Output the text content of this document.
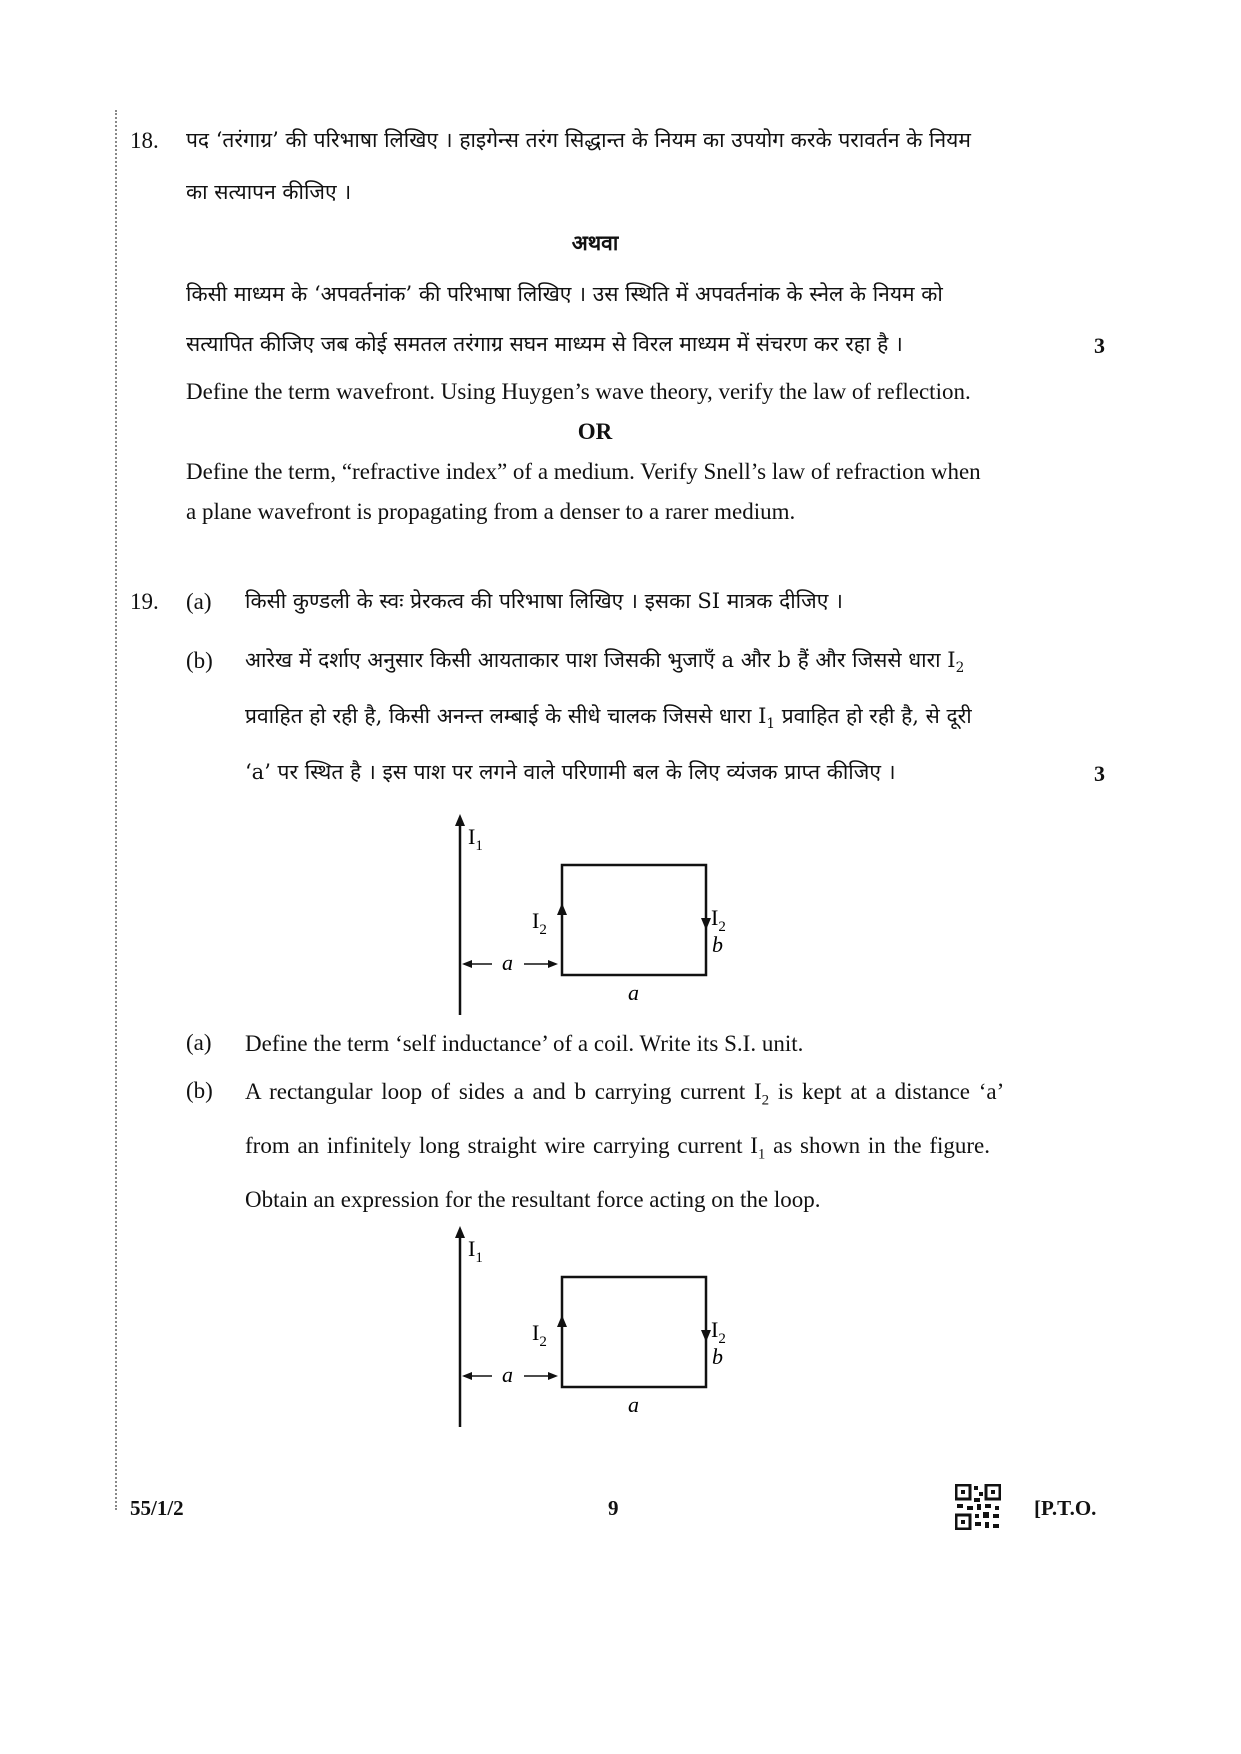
18. पद ‘तरंगाग्र’ की परिभाषा लिखिए । हाइगेन्स तरंग सिद्धान्त के नियम का उपयोग करके परावर्तन के नियम
का सत्यापन कीजिए ।
अथवा
किसी माध्यम के ‘अपवर्तनांक’ की परिभाषा लिखिए । उस स्थिति में अपवर्तनांक के स्नेल के नियम को
सत्यापित कीजिए जब कोई समतल तरंगाग्र सघन माध्यम से विरल माध्यम में संचरण कर रहा है ।	3
Define the term wavefront. Using Huygen’s wave theory, verify the law of reflection.
OR
Define the term, “refractive index” of a medium. Verify Snell’s law of refraction when
a plane wavefront is propagating from a denser to a rarer medium.
19. (a) किसी कुण्डली के स्वः प्रेरकत्व की परिभाषा लिखिए । इसका SI मात्रक दीजिए ।
(b) आरेख में दर्शाए अनुसार किसी आयताकार पाश जिसकी भुजाएँ a और b हैं और जिससे धारा $I_2$
प्रवाहित हो रही है, किसी अनन्त लम्बाई के सीधे चालक जिससे धारा $I_1$ प्रवाहित हो रही है, से दूरी
‘a’ पर स्थित है । इस पाश पर लगने वाले परिणामी बल के लिए व्यंजक प्राप्त कीजिए ।	3
$I_1$
$I_2$	$I_2$
b
a
a
(a) Define the term ‘self inductance’ of a coil. Write its S.I. unit.
(b) A rectangular loop of sides a and b carrying current $I_2$ is kept at a distance ‘a’
from an infinitely long straight wire carrying current $I_1$ as shown in the figure.
Obtain an expression for the resultant force acting on the loop.
$I_1$
$I_2$	$I_2$
b
a
a
55/1/2	9	[P.T.O.
